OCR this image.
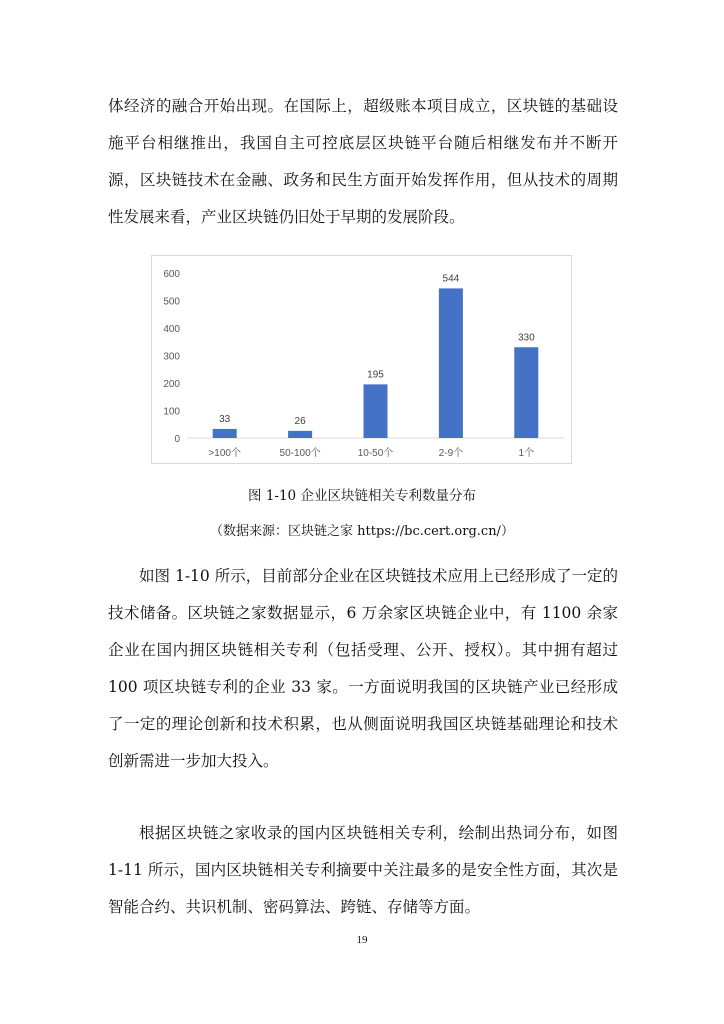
体经济的融合开始出现。在国际上，超级账本项目成立，区块链的基础设施平台相继推出，我国自主可控底层区块链平台随后相继发布并不断开源，区块链技术在金融、政务和民生方面开始发挥作用，但从技术的周期性发展来看，产业区块链仍旧处于早期的发展阶段。

0
100
200
300
400
500
600
33
>100个
26
50-100个
195
10-50个
544
2-9个
330
1个
图 1-10 企业区块链相关专利数量分布
（数据来源：区块链之家 https://bc.cert.org.cn/）

如图 1-10 所示，目前部分企业在区块链技术应用上已经形成了一定的技术储备。区块链之家数据显示，6 万余家区块链企业中，有 1100 余家企业在国内拥区块链相关专利（包括受理、公开、授权）。其中拥有超过 100 项区块链专利的企业 33 家。一方面说明我国的区块链产业已经形成了一定的理论创新和技术积累，也从侧面说明我国区块链基础理论和技术创新需进一步加大投入。

根据区块链之家收录的国内区块链相关专利，绘制出热词分布，如图 1-11 所示，国内区块链相关专利摘要中关注最多的是安全性方面，其次是智能合约、共识机制、密码算法、跨链、存储等方面。

19
